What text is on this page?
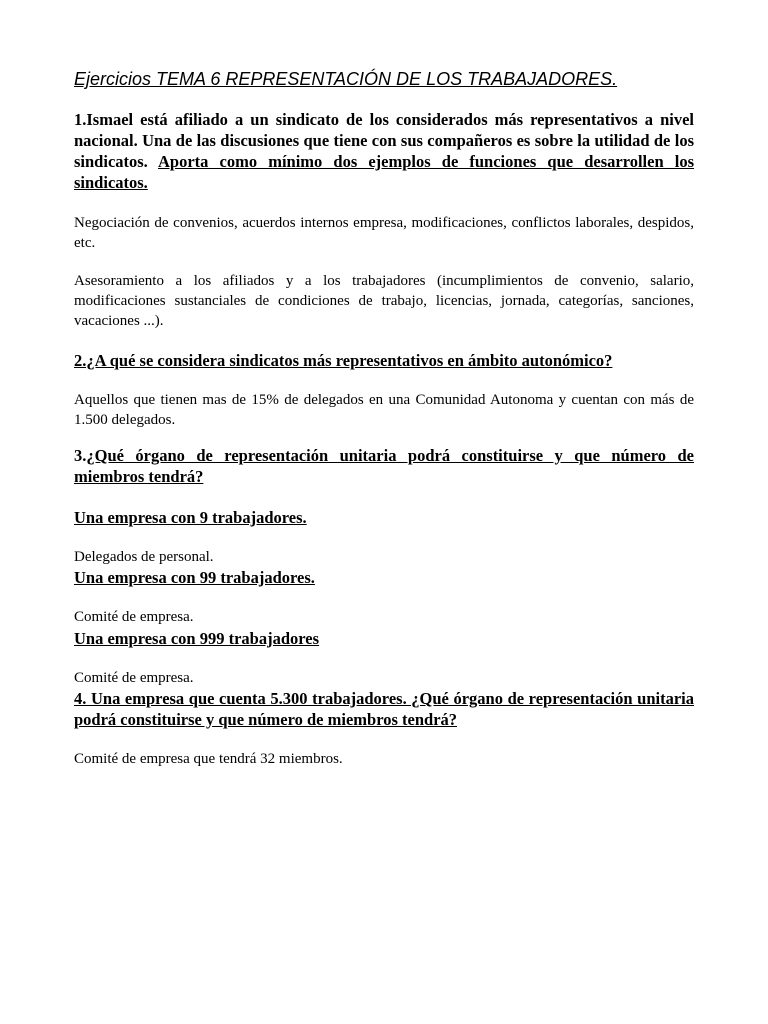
Ejercicios TEMA 6 REPRESENTACIÓN DE LOS TRABAJADORES.

1.Ismael está afiliado a un sindicato de los considerados más representativos a nivel nacional. Una de las discusiones que tiene con sus compañeros es sobre la utilidad de los sindicatos. Aporta como mínimo dos ejemplos de funciones que desarrollen los sindicatos.

Negociación de convenios, acuerdos internos empresa, modificaciones, conflictos laborales, despidos, etc.

Asesoramiento a los afiliados y a los trabajadores (incumplimientos de convenio, salario, modificaciones sustanciales de condiciones de trabajo, licencias, jornada, categorías, sanciones, vacaciones ...).

2.¿A qué se considera sindicatos más representativos en ámbito autonómico?

Aquellos que tienen mas de 15% de delegados en una Comunidad Autonoma y cuentan con más de 1.500 delegados.

3.¿Qué órgano de representación unitaria podrá constituirse y que número de miembros tendrá?

Una empresa con 9 trabajadores.

Delegados de personal.

Una empresa con 99 trabajadores.

Comité de empresa.

Una empresa con 999 trabajadores

Comité de empresa.

4. Una empresa que cuenta 5.300 trabajadores. ¿Qué órgano de representación unitaria podrá constituirse y que número de miembros tendrá?

Comité de empresa que tendrá 32 miembros.
